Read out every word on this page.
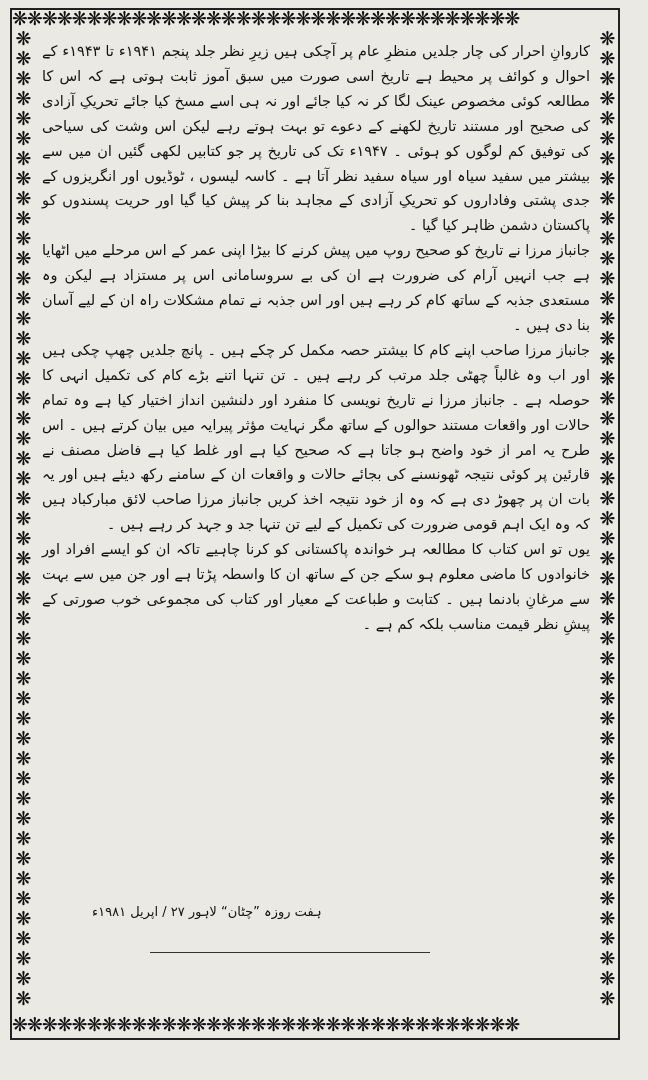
❋❋❋❋❋❋❋❋❋❋❋❋❋❋❋❋❋❋❋❋❋❋❋❋❋❋❋❋❋❋❋❋❋❋
❋❋❋❋❋❋❋❋❋❋❋❋❋❋❋❋❋❋❋❋❋❋❋❋❋❋❋❋❋❋❋❋❋❋
❋
❋
❋
❋
❋
❋
❋
❋
❋
❋
❋
❋
❋
❋
❋
❋
❋
❋
❋
❋
❋
❋
❋
❋
❋
❋
❋
❋
❋
❋
❋
❋
❋
❋
❋
❋
❋
❋
❋
❋
❋
❋
❋
❋
❋
❋
❋
❋
❋
❋
❋
❋
❋
❋
❋
❋
❋
❋
❋
❋
❋
❋
❋
❋
❋
❋
❋
❋
❋
❋
❋
❋
❋
❋
❋
❋
❋
❋
❋
❋
❋
❋
❋
❋
❋
❋
❋
❋
❋
❋
❋
❋
❋
❋
❋
❋
❋
❋

کاروانِ احرار کی چار جلدیں منظرِ عام پر آچکی ہیں زیرِ نظر جلد پنجم ۱۹۴۱ء تا ۱۹۴۳ء کے احوال و کوائف پر محیط ہے تاریخ اسی صورت میں سبق آموز ثابت ہوتی ہے کہ اس کا مطالعہ کوئی مخصوص عینک لگا کر نہ کیا جائے اور نہ ہی اسے مسخ کیا جائے تحریکِ آزادی کی صحیح اور مستند تاریخ لکھنے کے دعوے تو بہت ہوتے رہے لیکن اس وشت کی سیاحی کی توفیق کم لوگوں کو ہوئی ۔ ۱۹۴۷ء تک کی تاریخ پر جو کتابیں لکھی گئیں ان میں سے بیشتر میں سفید سیاہ اور سیاہ سفید نظر آتا ہے ۔ کاسہ لیسوں ، ٹوڈیوں اور انگریزوں کے جدی پشتی وفاداروں کو تحریکِ آزادی کے مجاہد بنا کر پیش کیا گیا اور حریت پسندوں کو پاکستان دشمن ظاہر کیا گیا ۔

جانباز مرزا نے تاریخ کو صحیح روپ میں پیش کرنے کا بیڑا اپنی عمر کے اس مرحلے میں اٹھایا ہے جب انہیں آرام کی ضرورت ہے ان کی بے سروسامانی اس پر مستزاد ہے لیکن وہ مستعدی جذبہ کے ساتھ کام کر رہے ہیں اور اس جذبہ نے تمام مشکلات راہ ان کے لیے آسان بنا دی ہیں ۔

جانباز مرزا صاحب اپنے کام کا بیشتر حصہ مکمل کر چکے ہیں ۔ پانچ جلدیں چھپ چکی ہیں اور اب وہ غالباً چھٹی جلد مرتب کر رہے ہیں ۔ تن تنہا اتنے بڑے کام کی تکمیل انہی کا حوصلہ ہے ۔ جانباز مرزا نے تاریخ نویسی کا منفرد اور دلنشین انداز اختیار کیا ہے وہ تمام حالات اور واقعات مستند حوالوں کے ساتھ مگر نہایت مؤثر پیرایہ میں بیان کرتے ہیں ۔ اس طرح یہ امر از خود واضح ہو جاتا ہے کہ صحیح کیا ہے اور غلط کیا ہے فاضل مصنف نے قارئین پر کوئی نتیجہ ٹھونسنے کی بجائے حالات و واقعات ان کے سامنے رکھ دیئے ہیں اور یہ بات ان پر چھوڑ دی ہے کہ وہ از خود نتیجہ اخذ کریں جانباز مرزا صاحب لائق مبارکباد ہیں کہ وہ ایک اہم قومی ضرورت کی تکمیل کے لیے تن تنہا جد و جہد کر رہے ہیں ۔

یوں تو اس کتاب کا مطالعہ ہر خواندہ پاکستانی کو کرنا چاہیے تاکہ ان کو ایسے افراد اور خانوادوں کا ماضی معلوم ہو سکے جن کے ساتھ ان کا واسطہ پڑتا ہے اور جن میں سے بہت سے مرغانِ بادنما ہیں ۔ کتابت و طباعت کے معیار اور کتاب کی مجموعی خوب صورتی کے پیشِ نظر قیمت مناسب بلکہ کم ہے ۔

ہفت روزہ ”چٹان“ لاہور ۲۷ / اپریل ۱۹۸۱ء
